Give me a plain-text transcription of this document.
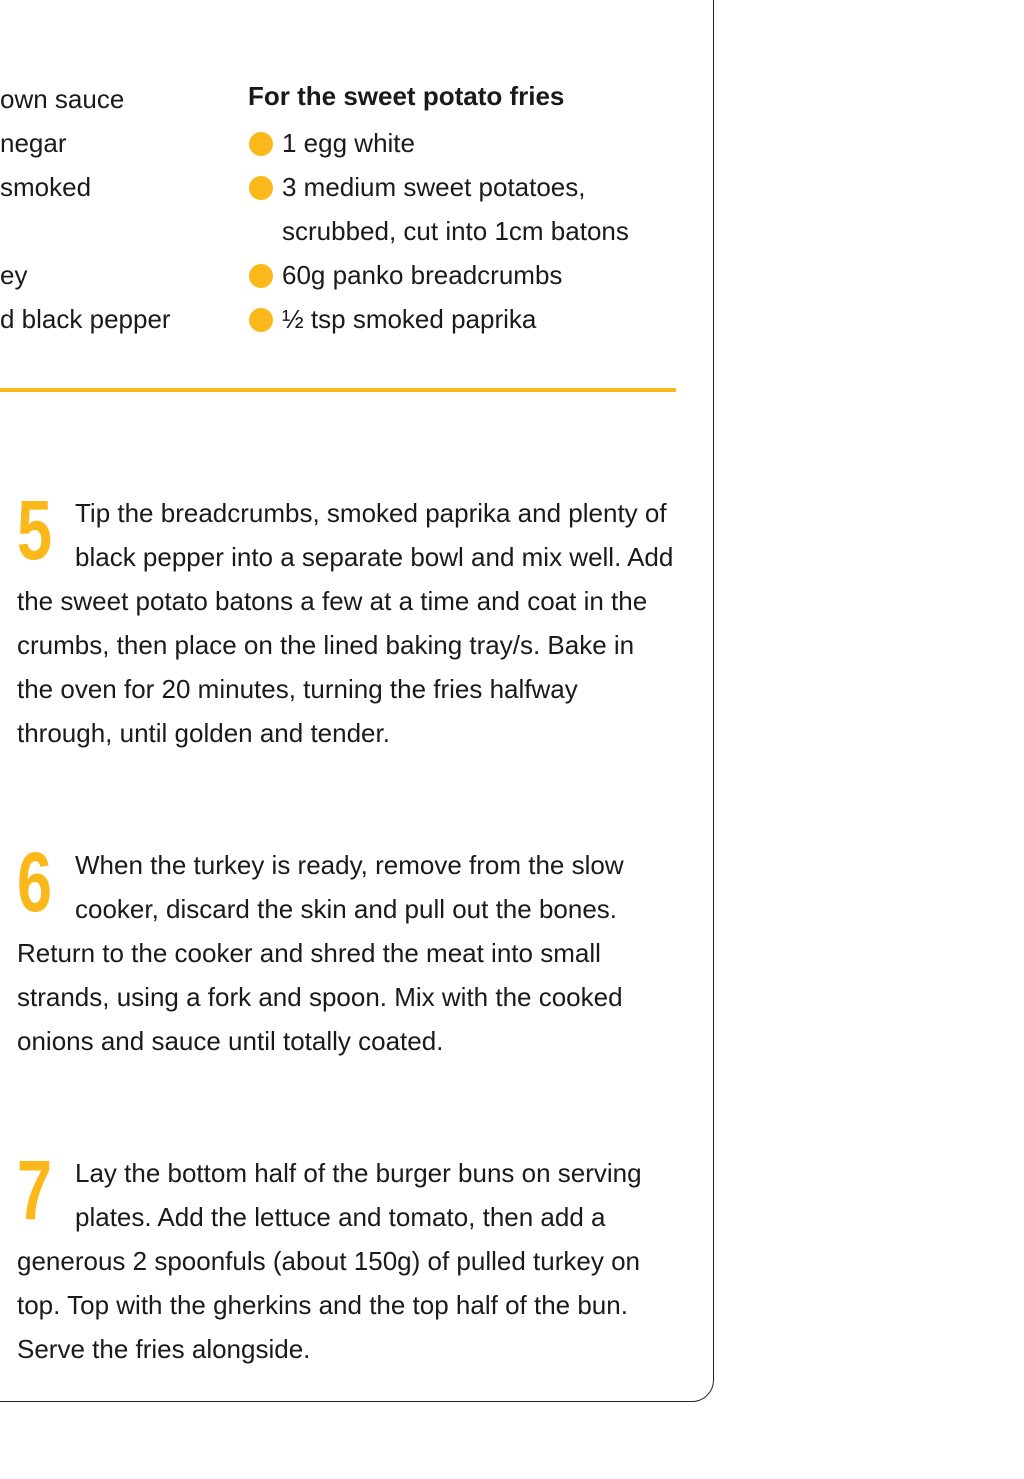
own sauce
negar
smoked
ey
d black pepper
For the sweet potato fries
1 egg white
3 medium sweet potatoes, scrubbed, cut into 1cm batons
60g panko breadcrumbs
½ tsp smoked paprika
5 Tip the breadcrumbs, smoked paprika and plenty of black pepper into a separate bowl and mix well. Add the sweet potato batons a few at a time and coat in the crumbs, then place on the lined baking tray/s. Bake in the oven for 20 minutes, turning the fries halfway through, until golden and tender.
6 When the turkey is ready, remove from the slow cooker, discard the skin and pull out the bones. Return to the cooker and shred the meat into small strands, using a fork and spoon. Mix with the cooked onions and sauce until totally coated.
7 Lay the bottom half of the burger buns on serving plates. Add the lettuce and tomato, then add a generous 2 spoonfuls (about 150g) of pulled turkey on top. Top with the gherkins and the top half of the bun. Serve the fries alongside.
